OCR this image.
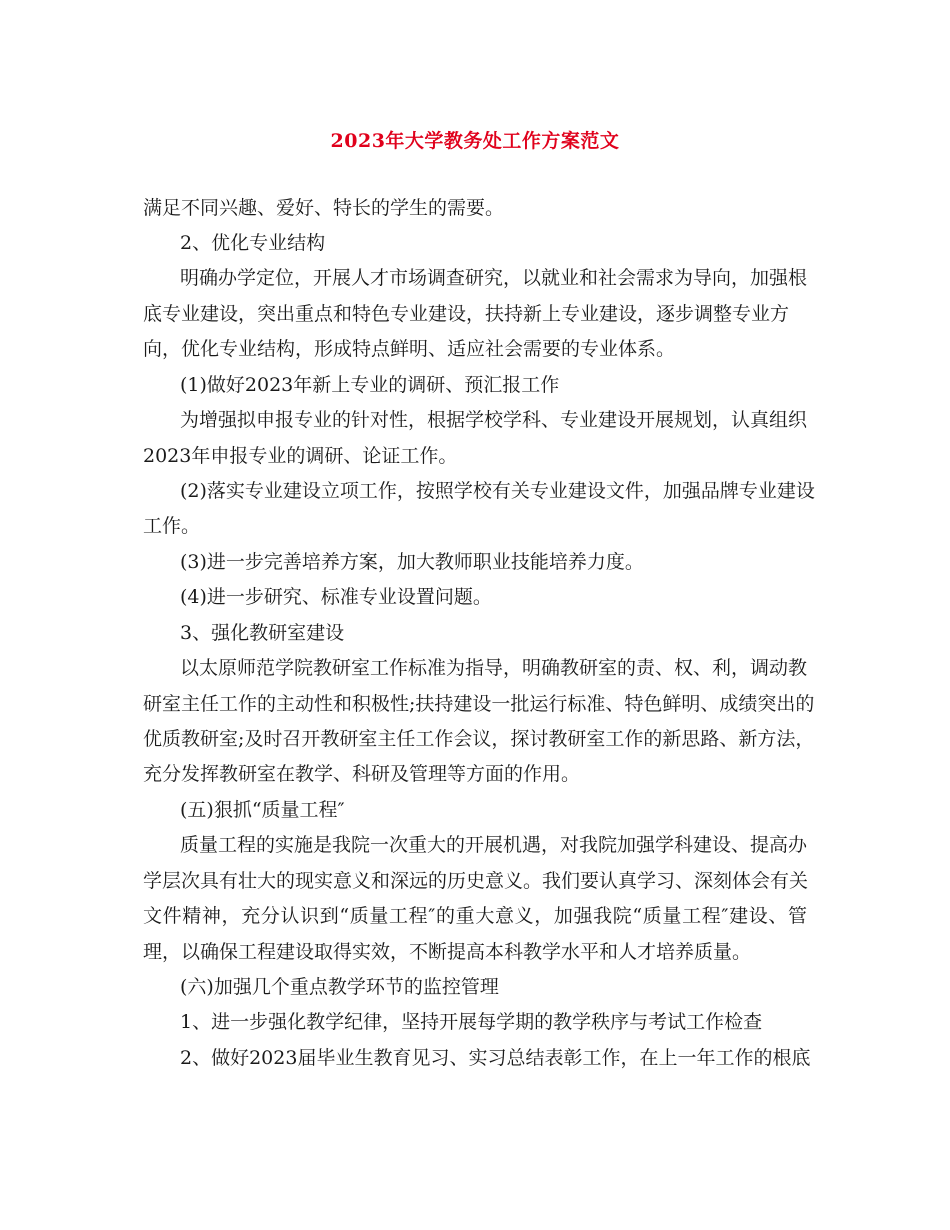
2023年大学教务处工作方案范文
满足不同兴趣、爱好、特长的学生的需要。
2、优化专业结构
明确办学定位，开展人才市场调查研究，以就业和社会需求为导向，加强根
底专业建设，突出重点和特色专业建设，扶持新上专业建设，逐步调整专业方
向，优化专业结构，形成特点鲜明、适应社会需要的专业体系。
(1)做好2023年新上专业的调研、预汇报工作
为增强拟申报专业的针对性，根据学校学科、专业建设开展规划，认真组织
2023年申报专业的调研、论证工作。
(2)落实专业建设立项工作，按照学校有关专业建设文件，加强品牌专业建设
工作。
(3)进一步完善培养方案，加大教师职业技能培养力度。
(4)进一步研究、标准专业设置问题。
3、强化教研室建设
以太原师范学院教研室工作标准为指导，明确教研室的责、权、利，调动教
研室主任工作的主动性和积极性;扶持建设一批运行标准、特色鲜明、成绩突出的
优质教研室;及时召开教研室主任工作会议，探讨教研室工作的新思路、新方法，
充分发挥教研室在教学、科研及管理等方面的作用。
(五)狠抓“质量工程″
质量工程的实施是我院一次重大的开展机遇，对我院加强学科建设、提高办
学层次具有壮大的现实意义和深远的历史意义。我们要认真学习、深刻体会有关
文件精神，充分认识到“质量工程″的重大意义，加强我院“质量工程″建设、管
理，以确保工程建设取得实效，不断提高本科教学水平和人才培养质量。
(六)加强几个重点教学环节的监控管理
1、进一步强化教学纪律，坚持开展每学期的教学秩序与考试工作检查
2、做好2023届毕业生教育见习、实习总结表彰工作，在上一年工作的根底
